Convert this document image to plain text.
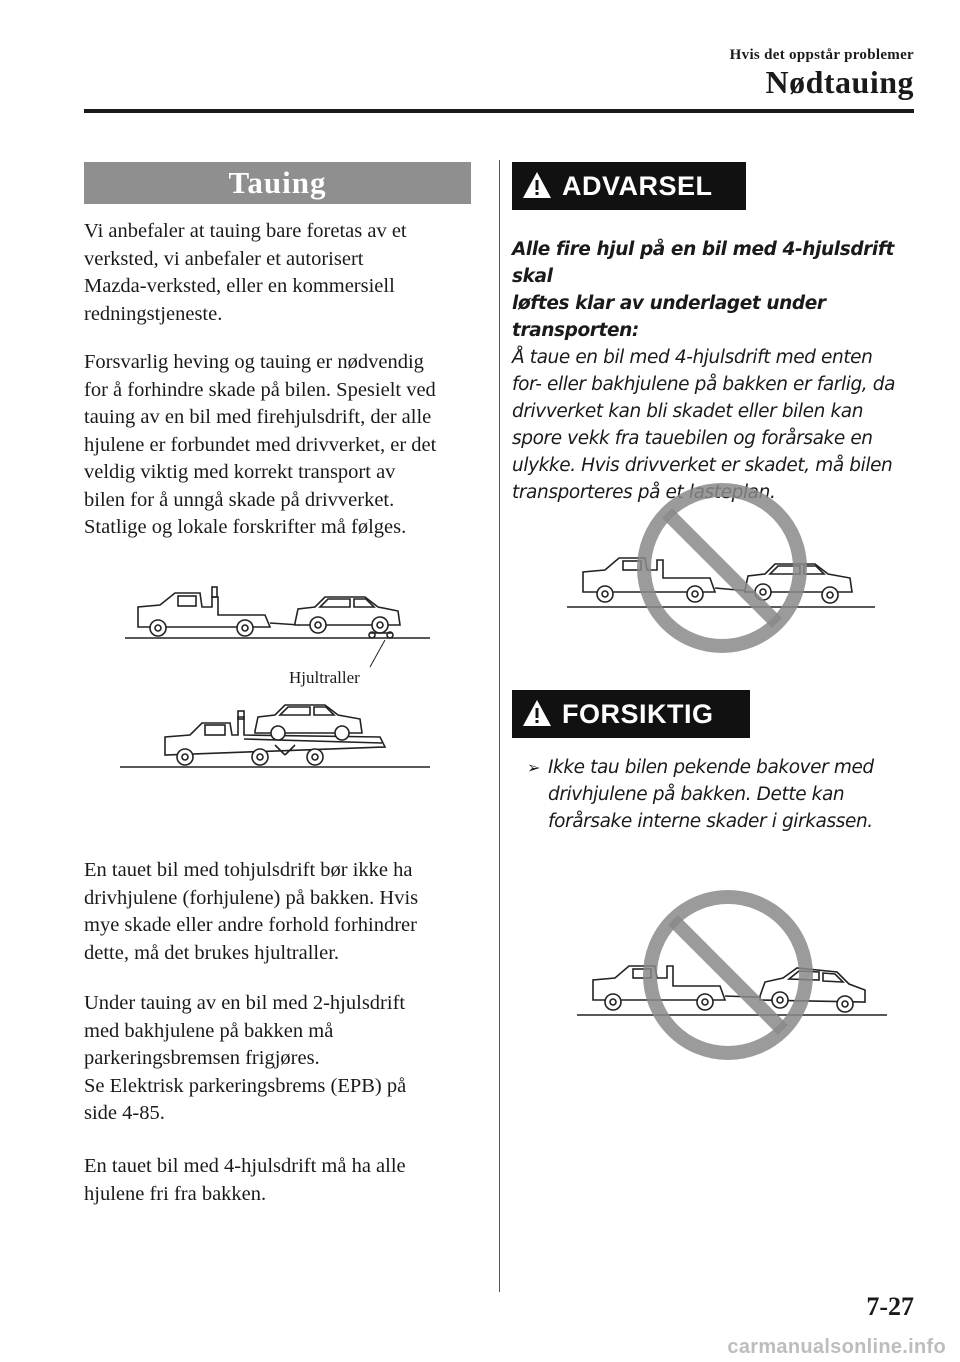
Hvis det oppstår problemer
Nødtauing
Tauing

Vi anbefaler at tauing bare foretas av et
verksted, vi anbefaler et autorisert
Mazda-verksted, eller en kommersiell
redningstjeneste.

Forsvarlig heving og tauing er nødvendig
for å forhindre skade på bilen. Spesielt ved
tauing av en bil med firehjulsdrift, der alle
hjulene er forbundet med drivverket, er det
veldig viktig med korrekt transport av
bilen for å unngå skade på drivverket.
Statlige og lokale forskrifter må følges.

Hjultraller

En tauet bil med tohjulsdrift bør ikke ha
drivhjulene (forhjulene) på bakken. Hvis
mye skade eller andre forhold forhindrer
dette, må det brukes hjultraller.

Under tauing av en bil med 2-hjulsdrift
med bakhjulene på bakken må
parkeringsbremsen frigjøres.
Se Elektrisk parkeringsbrems (EPB) på
side 4-85.

En tauet bil med 4-hjulsdrift må ha alle
hjulene fri fra bakken.

ADVARSEL
Alle fire hjul på en bil med 4-hjulsdrift skal
løftes klar av underlaget under
transporten:
Å taue en bil med 4-hjulsdrift med enten
for- eller bakhjulene på bakken er farlig, da
drivverket kan bli skadet eller bilen kan
spore vekk fra tauebilen og forårsake en
ulykke. Hvis drivverket er skadet, må bilen
transporteres på et lasteplan.
FORSIKTIG
➢ Ikke tau bilen pekende bakover med
drivhjulene på bakken. Dette kan
forårsake interne skader i girkassen.
7-27
carmanualsonline.info
